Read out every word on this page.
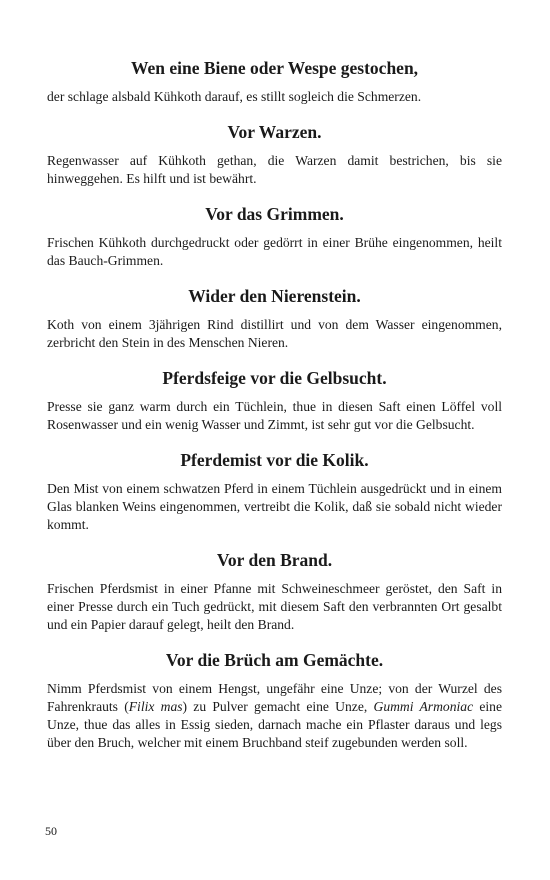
Wen eine Biene oder Wespe gestochen,

der schlage alsbald Kühkoth darauf, es stillt sogleich die Schmerzen.

Vor Warzen.

Regenwasser auf Kühkoth gethan, die Warzen damit bestrichen, bis sie hinweggehen. Es hilft und ist bewährt.

Vor das Grimmen.

Frischen Kühkoth durchgedruckt oder gedörrt in einer Brühe eingenommen, heilt das Bauch-Grimmen.

Wider den Nierenstein.

Koth von einem 3jährigen Rind distillirt und von dem Wasser eingenommen, zerbricht den Stein in des Menschen Nieren.

Pferdsfeige vor die Gelbsucht.

Presse sie ganz warm durch ein Tüchlein, thue in diesen Saft einen Löffel voll Rosenwasser und ein wenig Wasser und Zimmt, ist sehr gut vor die Gelbsucht.

Pferdemist vor die Kolik.

Den Mist von einem schwatzen Pferd in einem Tüchlein ausgedrückt und in einem Glas blanken Weins eingenommen, vertreibt die Kolik, daß sie sobald nicht wieder kommt.

Vor den Brand.

Frischen Pferdsmist in einer Pfanne mit Schweineschmeer geröstet, den Saft in einer Presse durch ein Tuch gedrückt, mit diesem Saft den verbrannten Ort gesalbt und ein Papier darauf gelegt, heilt den Brand.

Vor die Brüch am Gemächte.

Nimm Pferdsmist von einem Hengst, ungefähr eine Unze; von der Wurzel des Fahrenkrauts (Filix mas) zu Pulver gemacht eine Unze, Gummi Armoniac eine Unze, thue das alles in Essig sieden, darnach mache ein Pflaster daraus und legs über den Bruch, welcher mit einem Bruchband steif zugebunden werden soll.

50
